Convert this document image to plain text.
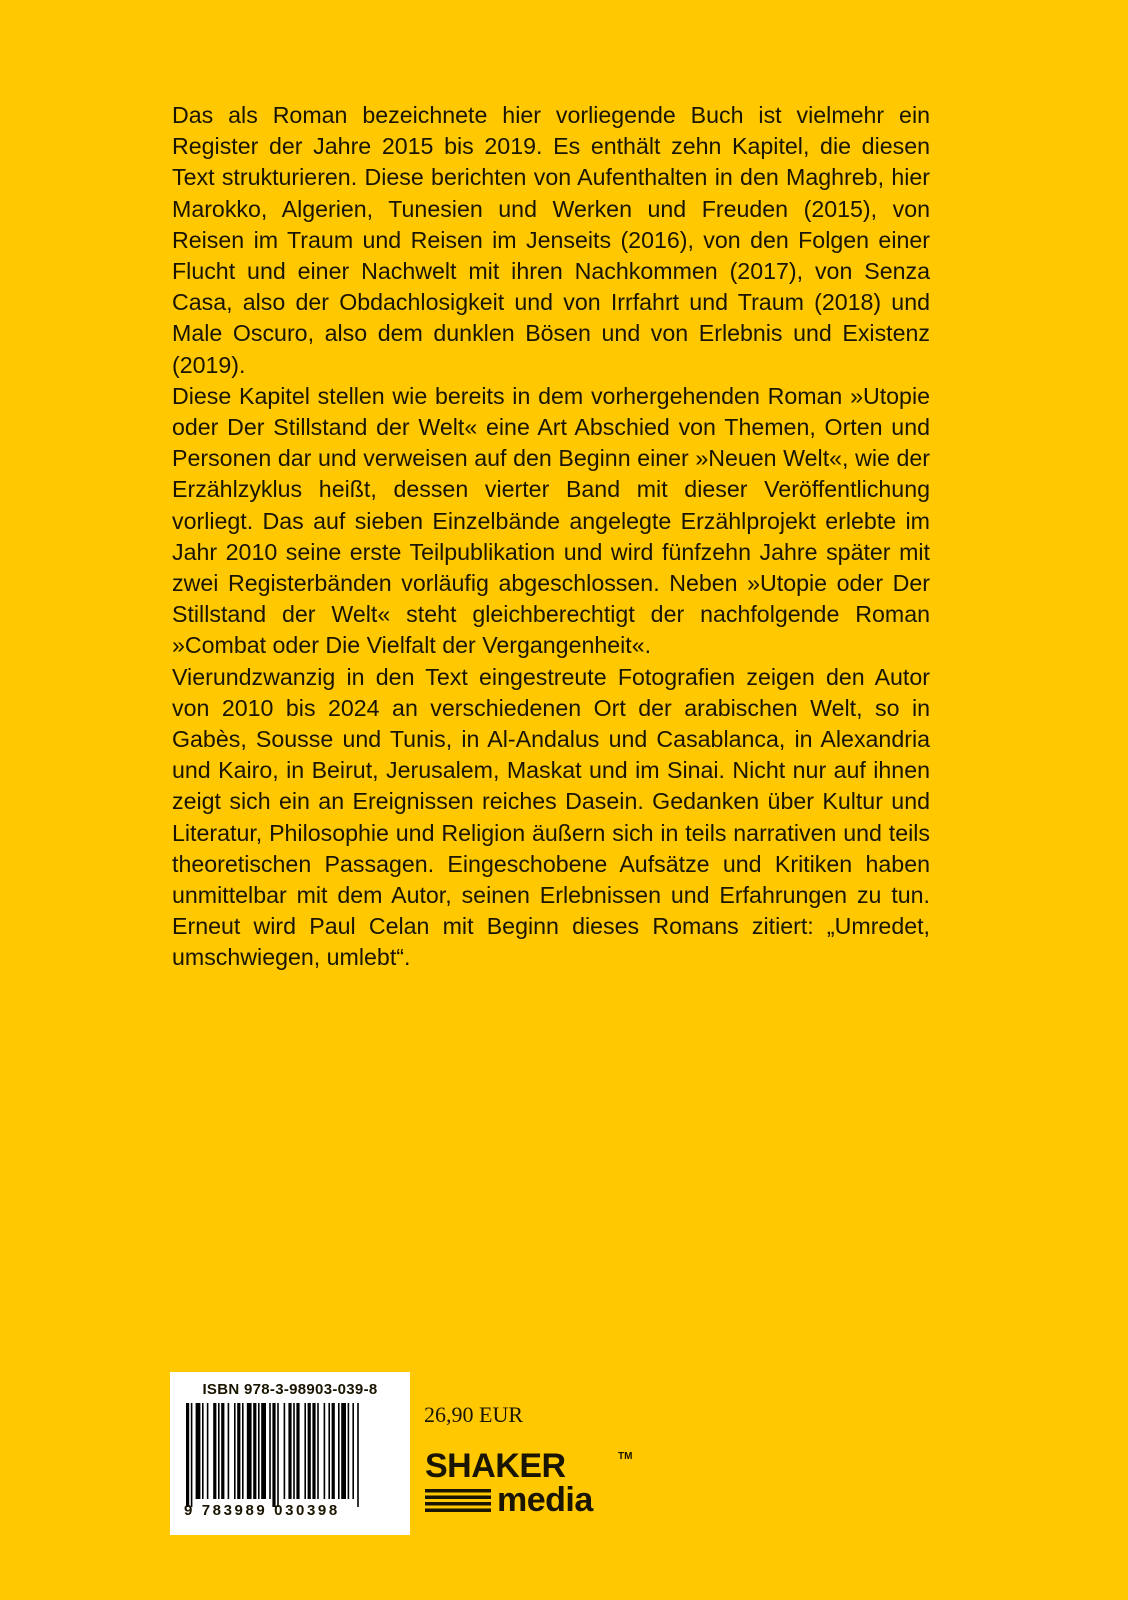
Das als Roman bezeichnete hier vorliegende Buch ist vielmehr ein Register der Jahre 2015 bis 2019. Es enthält zehn Kapitel, die diesen Text strukturieren. Diese berichten von Aufenthalten in den Maghreb, hier Marokko, Algerien, Tunesien und Werken und Freuden (2015), von Reisen im Traum und Reisen im Jenseits (2016), von den Folgen einer Flucht und einer Nachwelt mit ihren Nachkommen (2017), von Senza Casa, also der Obdachlosigkeit und von Irrfahrt und Traum (2018) und Male Oscuro, also dem dunklen Bösen und von Erlebnis und Existenz (2019).

Diese Kapitel stellen wie bereits in dem vorhergehenden Roman »Utopie oder Der Stillstand der Welt« eine Art Abschied von Themen, Orten und Personen dar und verweisen auf den Beginn einer »Neuen Welt«, wie der Erzählzyklus heißt, dessen vierter Band mit dieser Veröffentlichung vorliegt. Das auf sieben Einzelbände angelegte Erzählprojekt erlebte im Jahr 2010 seine erste Teilpublikation und wird fünfzehn Jahre später mit zwei Registerbänden vorläufig abgeschlossen. Neben »Utopie oder Der Stillstand der Welt« steht gleichberechtigt der nachfolgende Roman »Combat oder Die Vielfalt der Vergangenheit«.

Vierundzwanzig in den Text eingestreute Fotografien zeigen den Autor von 2010 bis 2024 an verschiedenen Ort der arabischen Welt, so in Gabès, Sousse und Tunis, in Al-Andalus und Casablanca, in Alexandria und Kairo, in Beirut, Jerusalem, Maskat und im Sinai. Nicht nur auf ihnen zeigt sich ein an Ereignissen reiches Dasein. Gedanken über Kultur und Literatur, Philosophie und Religion äußern sich in teils narrativen und teils theoretischen Passagen. Eingeschobene Aufsätze und Kritiken haben unmittelbar mit dem Autor, seinen Erlebnissen und Erfahrungen zu tun. Erneut wird Paul Celan mit Beginn dieses Romans zitiert: „Umredet, umschwiegen, umlebt“.

ISBN 978-3-98903-039-8
9 783989 030398
26,90 EUR
SHAKER	TM
media
